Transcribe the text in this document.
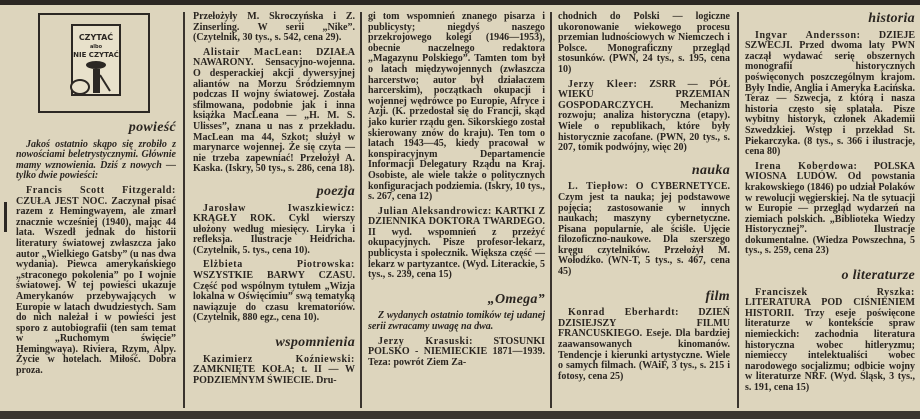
CZYTAĆ
albo
NIE CZYTAĆ
powieść

Jakoś ostatnio skąpo się zrobiło z nowościami beletrystycznymi. Głównie mamy wznowienia. Dziś z nowych — tylko dwie powieści:

Francis Scott Fitzgerald: CZUŁA JEST NOC. Zaczynał pisać razem z Hemingwayem, ale zmarł znacznie wcześniej (1940), mając 44 lata. Wszedł jednak do historii literatury światowej zwłaszcza jako autor „Wielkiego Gatsby” (u nas dwa wydania). Piewca amerykańskiego „straconego pokolenia” po I wojnie światowej. W tej powieści ukazuje Amerykanów przebywających w Europie w latach dwudziestych. Sam do nich należał i w powieści jest sporo z autobiografii (ten sam temat w „Ruchomym święcie” Hemingwaya). Riviera, Rzym, Alpy. Życie w hotelach. Miłość. Dobra proza.

Przełożyły M. Skroczyńska i Z. Zinserling. W serii „Nike”. (Czytelnik, 30 tys., s. 542, cena 29).

Alistair MacLean: DZIAŁA NAWARONY. Sensacyjno-wojenna. O desperackiej akcji dywersyjnej aliantów na Morzu Śródziemnym podczas II wojny światowej. Została sfilmowana, podobnie jak i inna książka MacLeana — „H. M. S. Ulisses”, znana u nas z przekładu. MacLean ma 44, Szkot; służył w marynarce wojennej. Że się czyta — nie trzeba zapewniać! Przełożył A. Kaska. (Iskry, 50 tys., s. 286, cena 18).

poezja

Jarosław Iwaszkiewicz: KRĄGŁY ROK. Cykl wierszy ułożony według miesięcy. Liryka i refleksja. Ilustracje Heidricha. (Czytelnik, 5. tys., cena 10).

Elżbieta Piotrowska: WSZYSTKIE BARWY CZASU. Część pod wspólnym tytułem „Wizja lokalna w Oświęcimiu” swą tematyką nawiązuje do czasu krematoriów. (Czytelnik, 880 egz., cena 10).

wspomnienia

Kazimierz Koźniewski: ZAMKNIĘTE KOŁA; t. II — W PODZIEMNYM ŚWIECIE. Dru-

gi tom wspomnień znanego pisarza i publicysty; niegdyś naszego przekrojowego kolegi (1946—1953), obecnie naczelnego redaktora „Magazynu Polskiego”. Tamten tom był o latach międzywojennych (zwłaszcza harcerstwo; autor był działaczem harcerskim), początkach okupacji i wojennej wędrówce po Europie, Afryce i Azji. (K. przedostał się do Francji, skąd jako kurier rządu gen. Sikorskiego został skierowany znów do kraju). Ten tom o latach 1943—45, kiedy pracował w konspiracyjnym Departamencie Informacji Delegatury Rządu na Kraj. Osobiste, ale wiele także o politycznych konfiguracjach podziemia. (Iskry, 10 tys., s. 267, cena 12)

Julian Aleksandrowicz: KARTKI Z DZIENNIKA DOKTORA TWARDEGO. II wyd. wspomnień z przeżyć okupacyjnych. Pisze profesor-lekarz, publicysta i społecznik. Większa część — lekarz w partyzantce. (Wyd. Literackie, 5 tys., s. 239, cena 15)

„Omega”

Z wydanych ostatnio tomików tej udanej serii zwracamy uwagę na dwa.

Jerzy Krasuski: STOSUNKI POLSKO - NIEMIECKIE 1871—1939. Teza: powrót Ziem Za-

chodnich do Polski — logiczne ukoronowanie wiekowego procesu przemian ludnościowych w Niemczech i Polsce. Monograficzny przegląd stosunków. (PWN, 24 tys., s. 195, cena 10)

Jerzy Kleer: ZSRR — PÓŁ WIEKU PRZEMIAN GOSPODARCZYCH. Mechanizm rozwoju; analiza historyczna (etapy). Wiele o republikach, które były historycznie zacofane. (PWN, 20 tys., s. 207, tomik podwójny, więc 20)

nauka

L. Tiepłow: O CYBERNETYCE. Czym jest ta nauka; jej podstawowe pojęcia; zastosowanie w innych naukach; maszyny cybernetyczne. Pisana popularnie, ale ściśle. Ujęcie filozoficzno-naukowe. Dla szerszego kręgu czytelników. Przełożył M. Wołodźko. (WN-T, 5 tys., s. 467, cena 45)

film

Konrad Eberhardt: DZIEŃ DZISIEJSZY FILMU FRANCUSKIEGO. Eseje. Dla bardziej zaawansowanych kinomanów. Tendencje i kierunki artystyczne. Wiele o samych filmach. (WAiF, 3 tys., s. 215 i fotosy, cena 25)

historia

Ingvar Andersson: DZIEJE SZWECJI. Przed dwoma laty PWN zaczął wydawać serię obszernych monografii historycznych poświęconych poszczególnym krajom. Były Indie, Anglia i Ameryka Łacińska. Teraz — Szwecja, z którą i nasza historia często się splatała. Pisze wybitny historyk, członek Akademii Szwedzkiej. Wstęp i przekład St. Piekarczyka. (8 tys., s. 366 i ilustracje, cena 80)

Irena Koberdowa: POLSKA WIOSNA LUDÓW. Od powstania krakowskiego (1846) po udział Polaków w rewolucji węgierskiej. Na tle sytuacji w Europie — przegląd wydarzeń na ziemiach polskich. „Biblioteka Wiedzy Historycznej”. Ilustracje dokumentalne. (Wiedza Powszechna, 5 tys., s. 259, cena 23)

o literaturze

Franciszek Ryszka: LITERATURA POD CIŚNIENIEM HISTORII. Trzy eseje poświęcone literaturze w kontekście spraw niemieckich: zachodnia literatura historyczna wobec hitleryzmu; niemieccy intelektualiści wobec narodowego socjalizmu; odbicie wojny w literaturze NRF. (Wyd. Śląsk, 3 tys., s. 191, cena 15)
